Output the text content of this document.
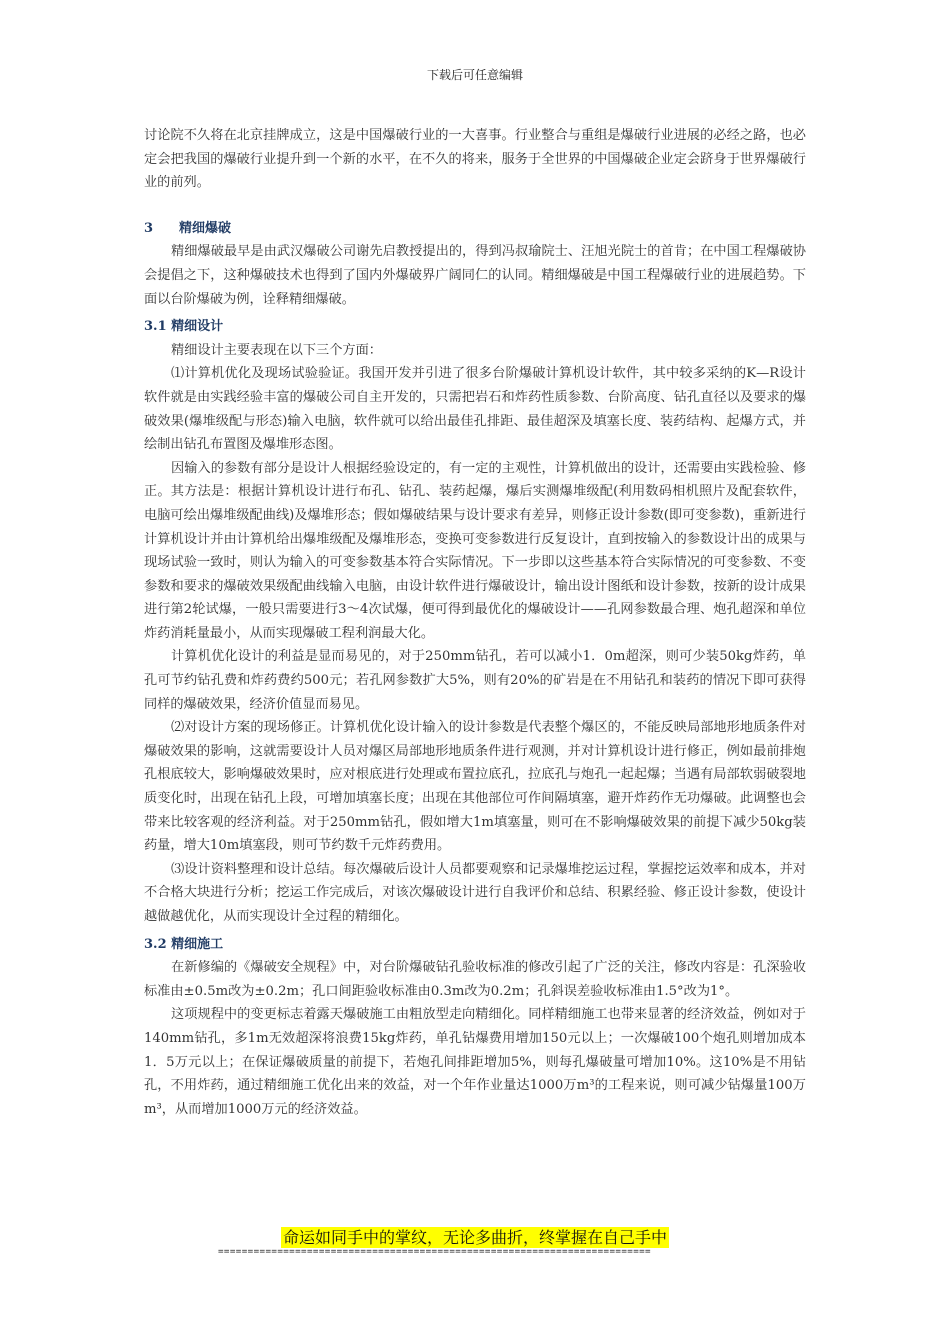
下载后可任意编辑

讨论院不久将在北京挂牌成立，这是中国爆破行业的一大喜事。行业整合与重组是爆破行业进展的必经之路，也必定会把我国的爆破行业提升到一个新的水平，在不久的将来，服务于全世界的中国爆破企业定会跻身于世界爆破行业的前列。

3　　精细爆破

精细爆破最早是由武汉爆破公司谢先启教授提出的，得到冯叔瑜院士、汪旭光院士的首肯；在中国工程爆破协会提倡之下，这种爆破技术也得到了国内外爆破界广阔同仁的认同。精细爆破是中国工程爆破行业的进展趋势。下面以台阶爆破为例，诠释精细爆破。

3.1 精细设计

精细设计主要表现在以下三个方面：

⑴计算机优化及现场试验验证。我国开发并引进了很多台阶爆破计算机设计软件，其中较多采纳的K—R设计软件就是由实践经验丰富的爆破公司自主开发的，只需把岩石和炸药性质参数、台阶高度、钻孔直径以及要求的爆破效果(爆堆级配与形态)输入电脑，软件就可以给出最佳孔排距、最佳超深及填塞长度、装药结构、起爆方式，并绘制出钻孔布置图及爆堆形态图。

因输入的参数有部分是设计人根据经验设定的，有一定的主观性，计算机做出的设计，还需要由实践检验、修正。其方法是：根据计算机设计进行布孔、钻孔、装药起爆，爆后实测爆堆级配(利用数码相机照片及配套软件，电脑可绘出爆堆级配曲线)及爆堆形态；假如爆破结果与设计要求有差异，则修正设计参数(即可变参数)，重新进行计算机设计并由计算机给出爆堆级配及爆堆形态，变换可变参数进行反复设计，直到按输入的参数设计出的成果与现场试验一致时，则认为输入的可变参数基本符合实际情况。下一步即以这些基本符合实际情况的可变参数、不变参数和要求的爆破效果级配曲线输入电脑，由设计软件进行爆破设计，输出设计图纸和设计参数，按新的设计成果进行第2轮试爆，一般只需要进行3～4次试爆，便可得到最优化的爆破设计——孔网参数最合理、炮孔超深和单位炸药消耗量最小，从而实现爆破工程利润最大化。

计算机优化设计的利益是显而易见的，对于250mm钻孔，若可以减小1．0m超深，则可少装50kg炸药，单孔可节约钻孔费和炸药费约500元；若孔网参数扩大5%，则有20%的矿岩是在不用钻孔和装药的情况下即可获得同样的爆破效果，经济价值显而易见。

⑵对设计方案的现场修正。计算机优化设计输入的设计参数是代表整个爆区的，不能反映局部地形地质条件对爆破效果的影响，这就需要设计人员对爆区局部地形地质条件进行观测，并对计算机设计进行修正，例如最前排炮孔根底较大，影响爆破效果时，应对根底进行处理或布置拉底孔，拉底孔与炮孔一起起爆；当遇有局部软弱破裂地质变化时，出现在钻孔上段，可增加填塞长度；出现在其他部位可作间隔填塞，避开炸药作无功爆破。此调整也会带来比较客观的经济利益。对于250mm钻孔，假如增大1m填塞量，则可在不影响爆破效果的前提下减少50kg装药量，增大10m填塞段，则可节约数千元炸药费用。

⑶设计资料整理和设计总结。每次爆破后设计人员都要观察和记录爆堆挖运过程，掌握挖运效率和成本，并对不合格大块进行分析；挖运工作完成后，对该次爆破设计进行自我评价和总结、积累经验、修正设计参数，使设计越做越优化，从而实现设计全过程的精细化。

3.2 精细施工

在新修编的《爆破安全规程》中，对台阶爆破钻孔验收标准的修改引起了广泛的关注，修改内容是：孔深验收标准由±0.5m改为±0.2m；孔口间距验收标准由0.3m改为0.2m；孔斜误差验收标准由1.5°改为1°。

这项规程中的变更标志着露天爆破施工由粗放型走向精细化。同样精细施工也带来显著的经济效益，例如对于140mm钻孔，多1m无效超深将浪费15kg炸药，单孔钻爆费用增加150元以上；一次爆破100个炮孔则增加成本1．5万元以上；在保证爆破质量的前提下，若炮孔间排距增加5%，则每孔爆破量可增加10%。这10%是不用钻孔，不用炸药，通过精细施工优化出来的效益，对一个年作业量达1000万m³的工程来说，则可减少钻爆量100万m³，从而增加1000万元的经济效益。

命运如同手中的掌纹，无论多曲折，终掌握在自己手中
=========================================================================
